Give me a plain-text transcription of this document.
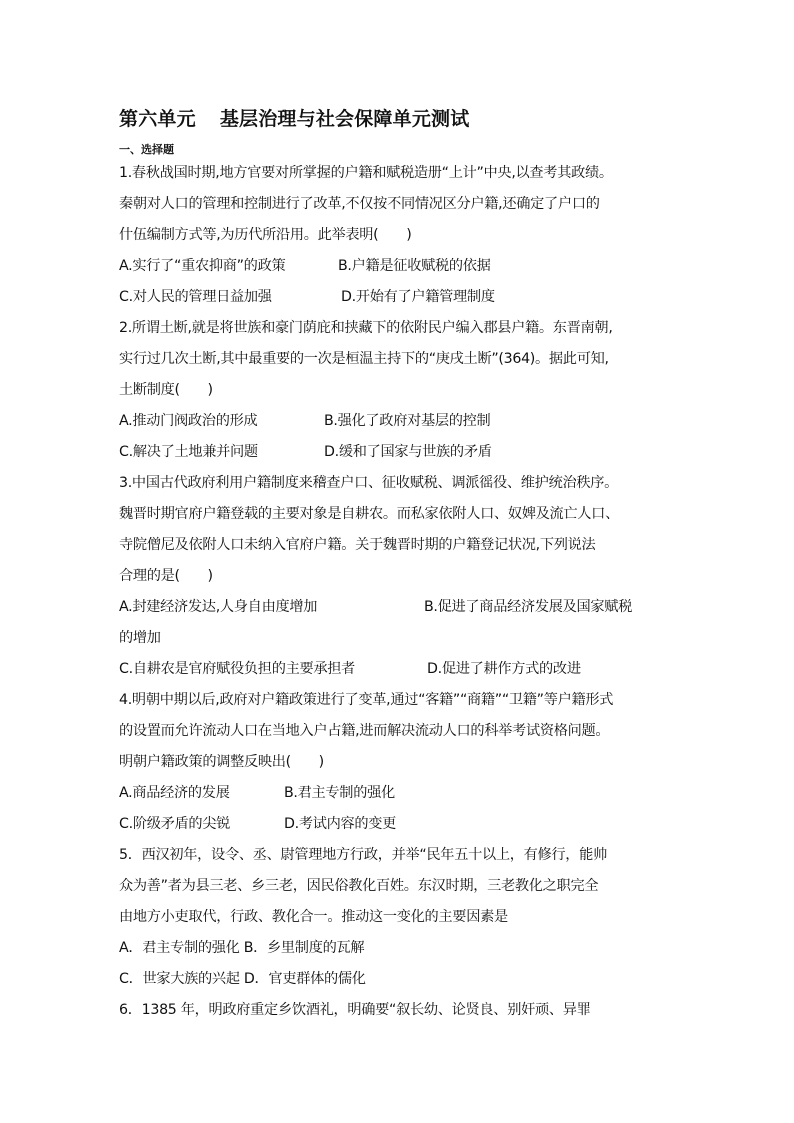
第六单元 基层治理与社会保障单元测试
一、选择题
1.春秋战国时期,地方官要对所掌握的户籍和赋税造册“上计”中央,以查考其政绩。
秦朝对人口的管理和控制进行了改革,不仅按不同情况区分户籍,还确定了户口的
什伍编制方式等,为历代所沿用。此举表明(　　)
A.实行了“重农抑商”的政策	B.户籍是征收赋税的依据
C.对人民的管理日益加强	D.开始有了户籍管理制度
2.所谓土断,就是将世族和豪门荫庇和挟藏下的依附民户编入郡县户籍。东晋南朝,
实行过几次土断,其中最重要的一次是桓温主持下的“庚戌土断”(364)。据此可知,
土断制度(　　)
A.推动门阀政治的形成	B.强化了政府对基层的控制
C.解决了土地兼并问题	D.缓和了国家与世族的矛盾
3.中国古代政府利用户籍制度来稽查户口、征收赋税、调派徭役、维护统治秩序。
魏晋时期官府户籍登载的主要对象是自耕农。而私家依附人口、奴婢及流亡人口、
寺院僧尼及依附人口未纳入官府户籍。关于魏晋时期的户籍登记状况,下列说法
合理的是(　　)
A.封建经济发达,人身自由度增加	B.促进了商品经济发展及国家赋税
的增加
C.自耕农是官府赋役负担的主要承担者	D.促进了耕作方式的改进
4.明朝中期以后,政府对户籍政策进行了变革,通过“客籍”“商籍”“卫籍”等户籍形式
的设置而允许流动人口在当地入户占籍,进而解决流动人口的科举考试资格问题。
明朝户籍政策的调整反映出(　　)
A.商品经济的发展	B.君主专制的强化
C.阶级矛盾的尖锐	D.考试内容的变更
5．西汉初年，设令、丞、尉管理地方行政，并举“民年五十以上，有修行，能帅
众为善”者为县三老、乡三老，因民俗教化百姓。东汉时期，三老教化之职完全
由地方小吏取代，行政、教化合一。推动这一变化的主要因素是
A．君主专制的强化 B．乡里制度的瓦解
C．世家大族的兴起 D．官吏群体的儒化
6．1385 年，明政府重定乡饮酒礼，明确要“叙长幼、论贤良、别奸顽、异罪
